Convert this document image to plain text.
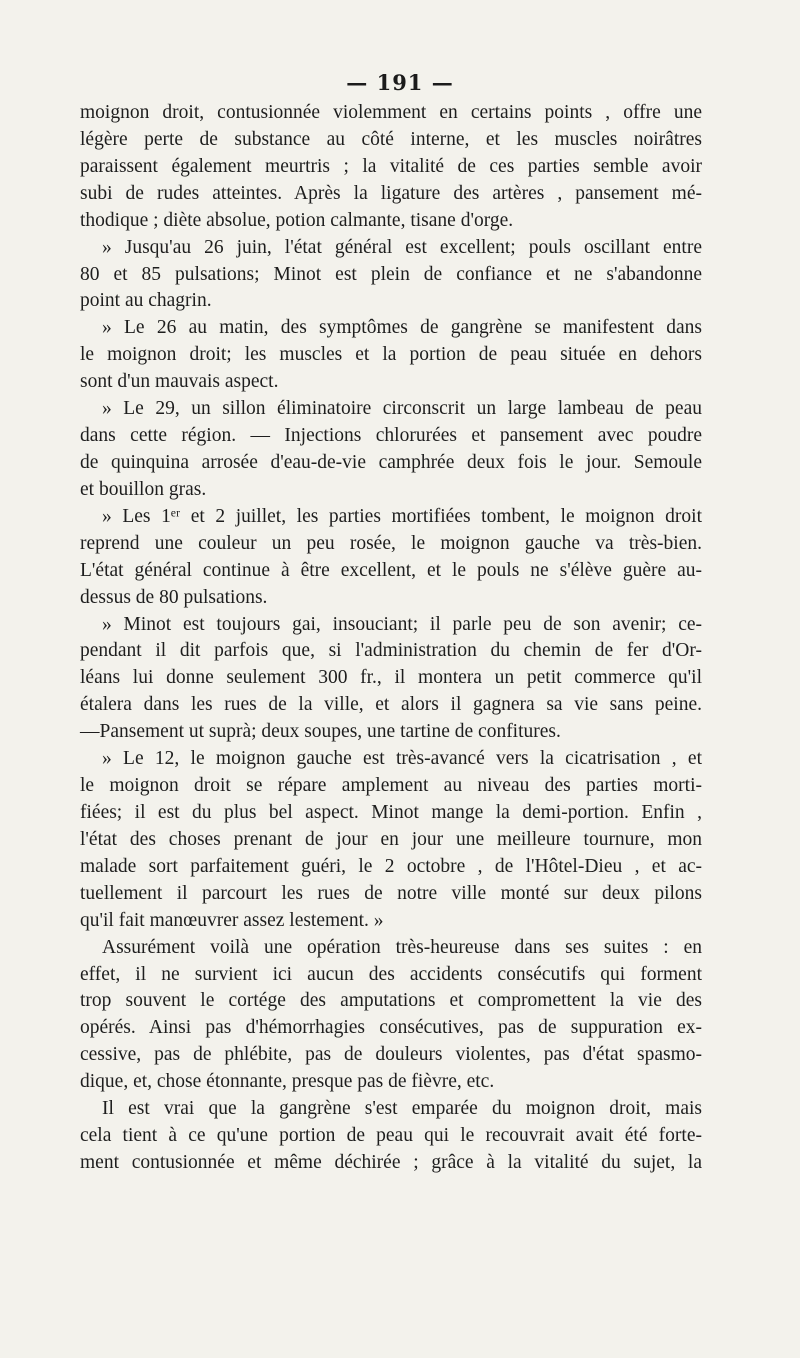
— 191 —
moignon droit, contusionnée violemment en certains points , offre une
légère perte de substance au côté interne, et les muscles noirâtres
paraissent également meurtris ; la vitalité de ces parties semble avoir
subi de rudes atteintes. Après la ligature des artères , pansement mé-
thodique ; diète absolue, potion calmante, tisane d'orge.
» Jusqu'au 26 juin, l'état général est excellent; pouls oscillant entre
80 et 85 pulsations; Minot est plein de confiance et ne s'abandonne
point au chagrin.
» Le 26 au matin, des symptômes de gangrène se manifestent dans
le moignon droit; les muscles et la portion de peau située en dehors
sont d'un mauvais aspect.
» Le 29, un sillon éliminatoire circonscrit un large lambeau de peau
dans cette région. — Injections chlorurées et pansement avec poudre
de quinquina arrosée d'eau-de-vie camphrée deux fois le jour. Semoule
et bouillon gras.
» Les 1ᵉʳ et 2 juillet, les parties mortifiées tombent, le moignon droit
reprend une couleur un peu rosée, le moignon gauche va très-bien.
L'état général continue à être excellent, et le pouls ne s'élève guère au-
dessus de 80 pulsations.
» Minot est toujours gai, insouciant; il parle peu de son avenir; ce-
pendant il dit parfois que, si l'administration du chemin de fer d'Or-
léans lui donne seulement 300 fr., il montera un petit commerce qu'il
étalera dans les rues de la ville, et alors il gagnera sa vie sans peine.
—Pansement ut suprà; deux soupes, une tartine de confitures.
» Le 12, le moignon gauche est très-avancé vers la cicatrisation , et
le moignon droit se répare amplement au niveau des parties morti-
fiées; il est du plus bel aspect. Minot mange la demi-portion. Enfin ,
l'état des choses prenant de jour en jour une meilleure tournure, mon
malade sort parfaitement guéri, le 2 octobre , de l'Hôtel-Dieu , et ac-
tuellement il parcourt les rues de notre ville monté sur deux pilons
qu'il fait manœuvrer assez lestement. »
Assurément voilà une opération très-heureuse dans ses suites : en
effet, il ne survient ici aucun des accidents consécutifs qui forment
trop souvent le cortége des amputations et compromettent la vie des
opérés. Ainsi pas d'hémorrhagies consécutives, pas de suppuration ex-
cessive, pas de phlébite, pas de douleurs violentes, pas d'état spasmo-
dique, et, chose étonnante, presque pas de fièvre, etc.
Il est vrai que la gangrène s'est emparée du moignon droit, mais
cela tient à ce qu'une portion de peau qui le recouvrait avait été forte-
ment contusionnée et même déchirée ; grâce à la vitalité du sujet, la
